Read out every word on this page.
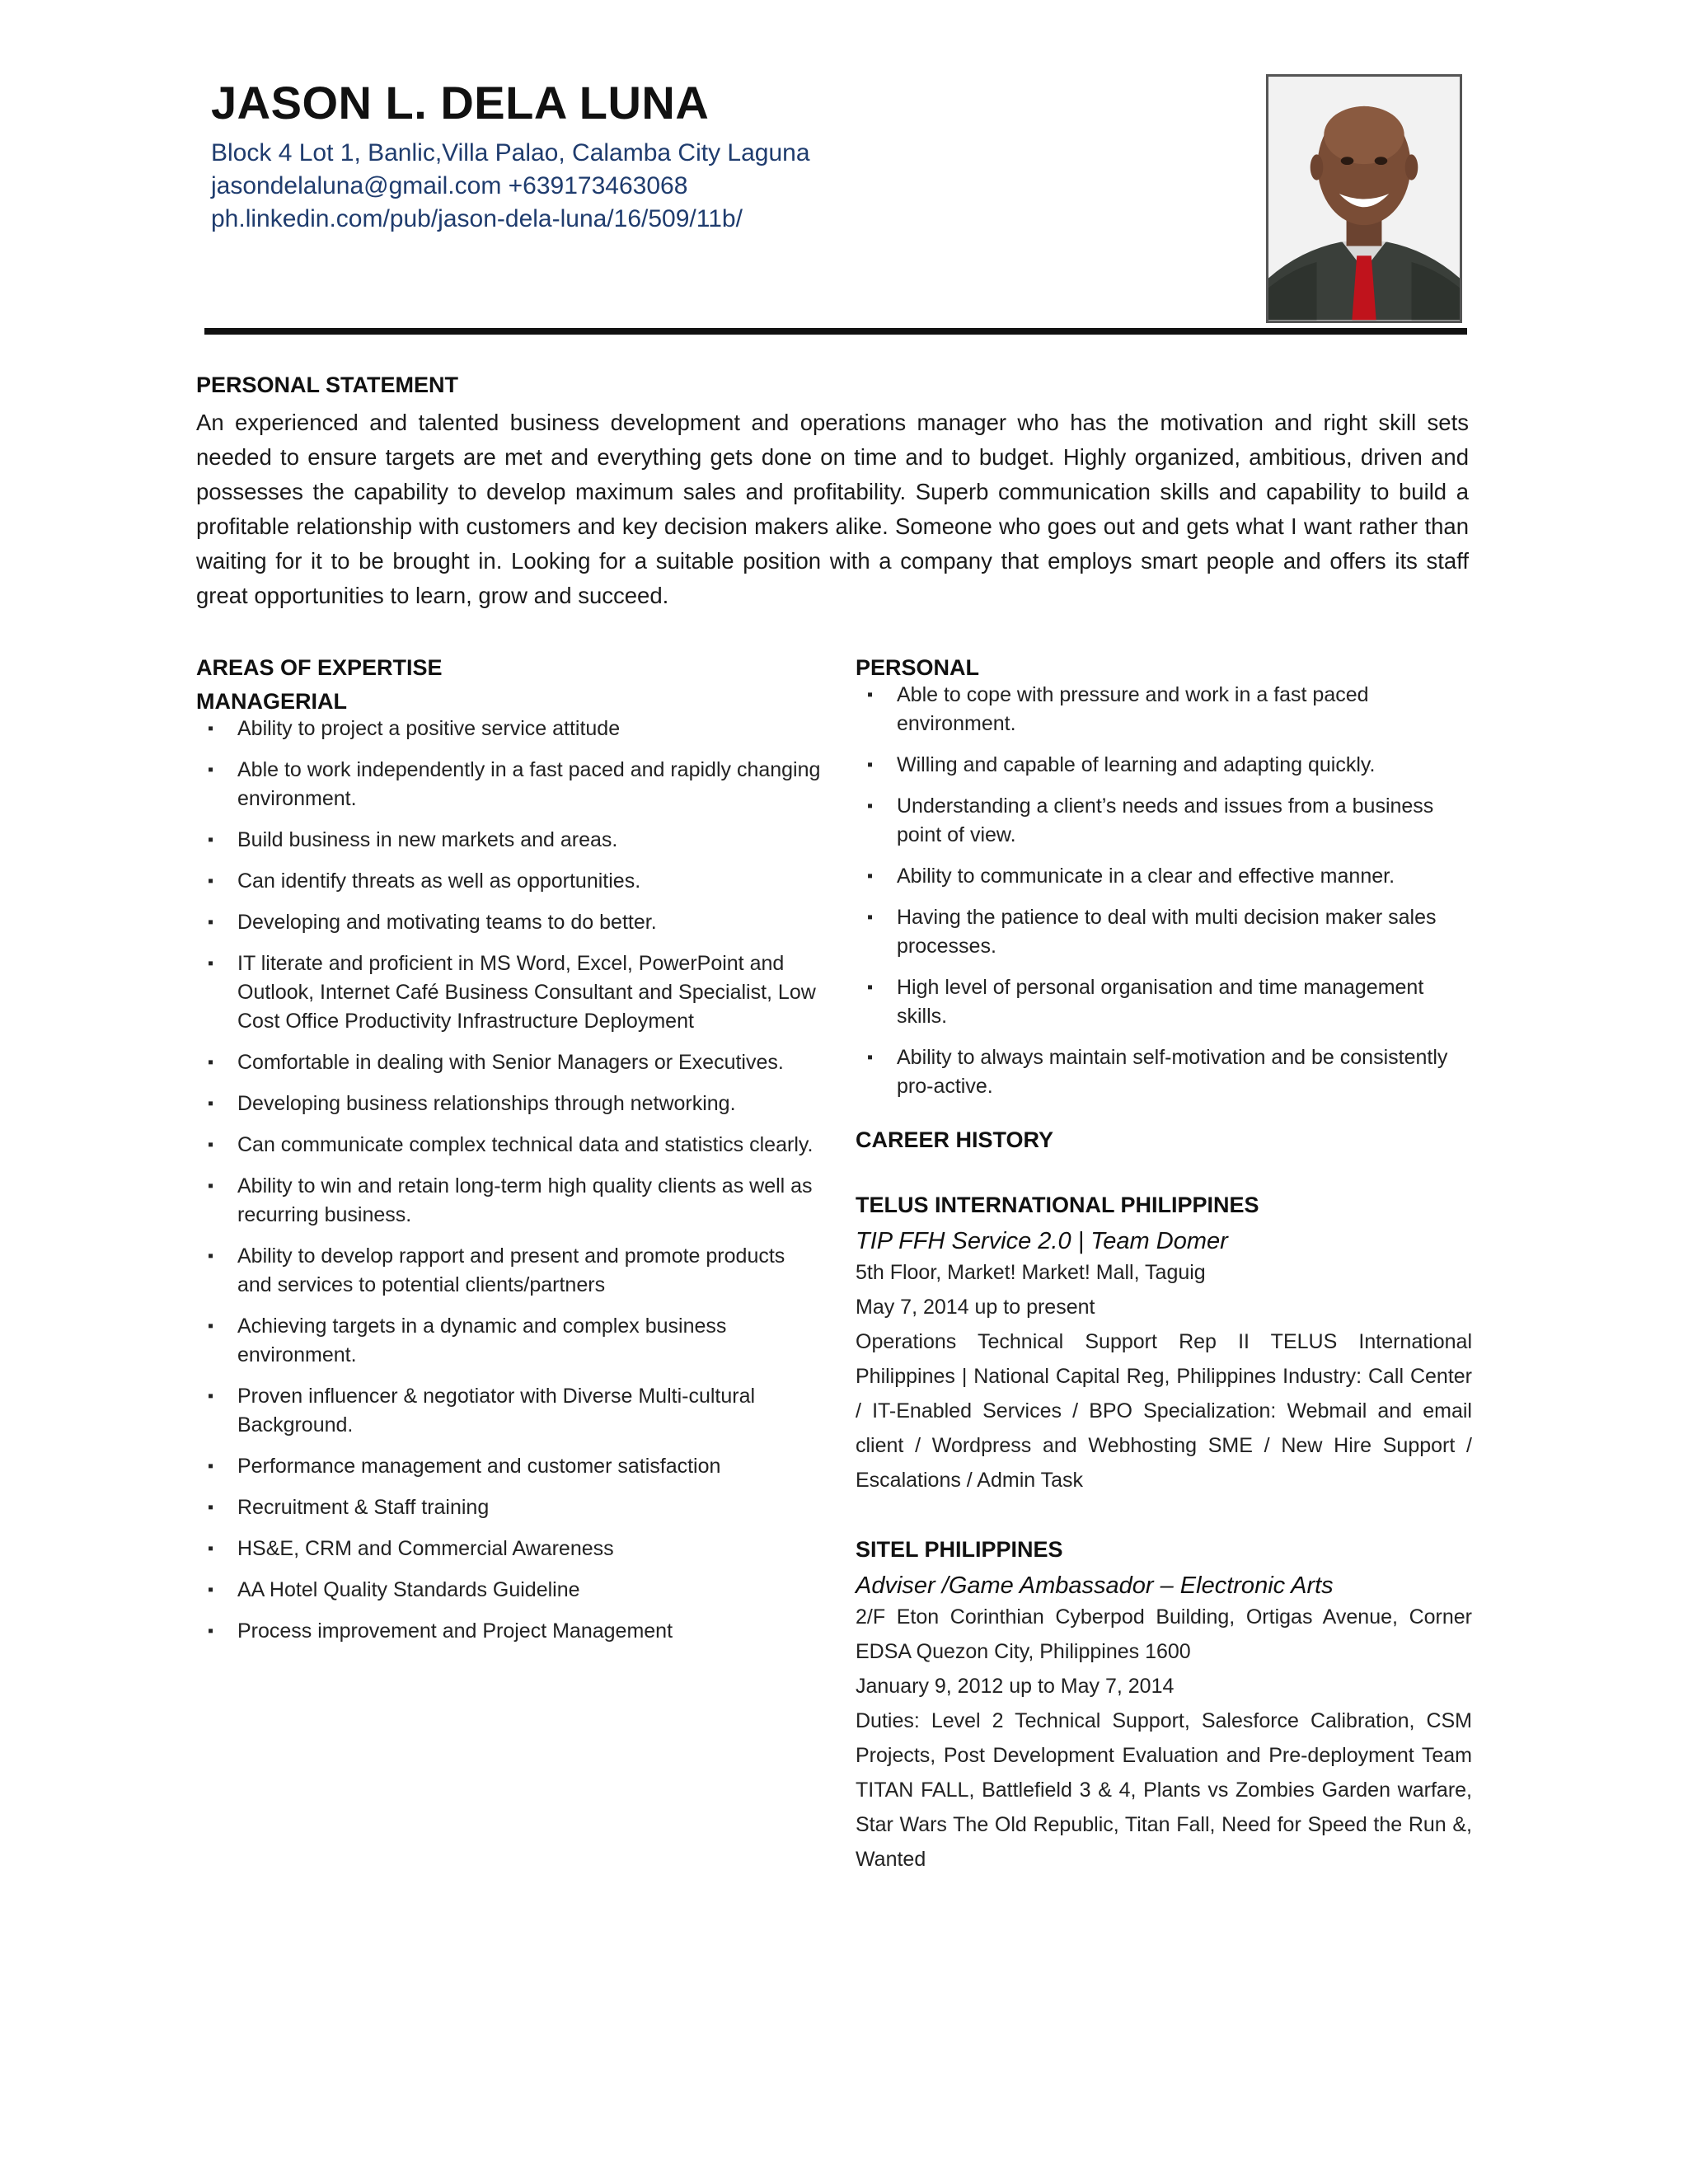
JASON L. DELA LUNA
Block 4 Lot 1, Banlic,Villa Palao, Calamba City Laguna
jasondelaluna@gmail.com +639173463068
ph.linkedin.com/pub/jason-dela-luna/16/509/11b/
PERSONAL STATEMENT
An experienced and talented business development and operations manager who has the motivation and right skill sets needed to ensure targets are met and everything gets done on time and to budget. Highly organized, ambitious, driven and possesses the capability to develop maximum sales and profitability. Superb communication skills and capability to build a profitable relationship with customers and key decision makers alike. Someone who goes out and gets what I want rather than waiting for it to be brought in. Looking for a suitable position with a company that employs smart people and offers its staff great opportunities to learn, grow and succeed.
AREAS OF EXPERTISE
MANAGERIAL
▪ Ability to project a positive service attitude
▪ Able to work independently in a fast paced and rapidly changing environment.
▪ Build business in new markets and areas.
▪ Can identify threats as well as opportunities.
▪ Developing and motivating teams to do better.
▪ IT literate and proficient in MS Word, Excel, PowerPoint and Outlook, Internet Café Business Consultant and Specialist, Low Cost Office Productivity Infrastructure Deployment
▪ Comfortable in dealing with Senior Managers or Executives.
▪ Developing business relationships through networking.
▪ Can communicate complex technical data and statistics clearly.
▪ Ability to win and retain long-term high quality clients as well as recurring business.
▪ Ability to develop rapport and present and promote products and services to potential clients/partners
▪ Achieving targets in a dynamic and complex business environment.
▪ Proven influencer & negotiator with Diverse Multi-cultural Background.
▪ Performance management and customer satisfaction
▪ Recruitment & Staff training
▪ HS&E, CRM and Commercial Awareness
▪ AA Hotel Quality Standards Guideline
▪ Process improvement and Project Management
PERSONAL
▪ Able to cope with pressure and work in a fast paced environment.
▪ Willing and capable of learning and adapting quickly.
▪ Understanding a client’s needs and issues from a business point of view.
▪ Ability to communicate in a clear and effective manner.
▪ Having the patience to deal with multi decision maker sales processes.
▪ High level of personal organisation and time management skills.
▪ Ability to always maintain self-motivation and be consistently pro-active.
CAREER HISTORY
TELUS INTERNATIONAL PHILIPPINES
TIP FFH Service 2.0 | Team Domer
5th Floor, Market! Market! Mall, Taguig
May 7, 2014 up to present
Operations Technical Support Rep II TELUS International Philippines | National Capital Reg, Philippines Industry: Call Center / IT-Enabled Services / BPO Specialization: Webmail and email client / Wordpress and Webhosting SME / New Hire Support / Escalations / Admin Task
SITEL PHILIPPINES
Adviser /Game Ambassador – Electronic Arts
2/F Eton Corinthian Cyberpod Building, Ortigas Avenue, Corner EDSA Quezon City, Philippines 1600
January 9, 2012 up to May 7, 2014
Duties: Level 2 Technical Support, Salesforce Calibration, CSM Projects, Post Development Evaluation and Pre-deployment Team TITAN FALL, Battlefield 3 & 4, Plants vs Zombies Garden warfare, Star Wars The Old Republic, Titan Fall, Need for Speed the Run &, Wanted
